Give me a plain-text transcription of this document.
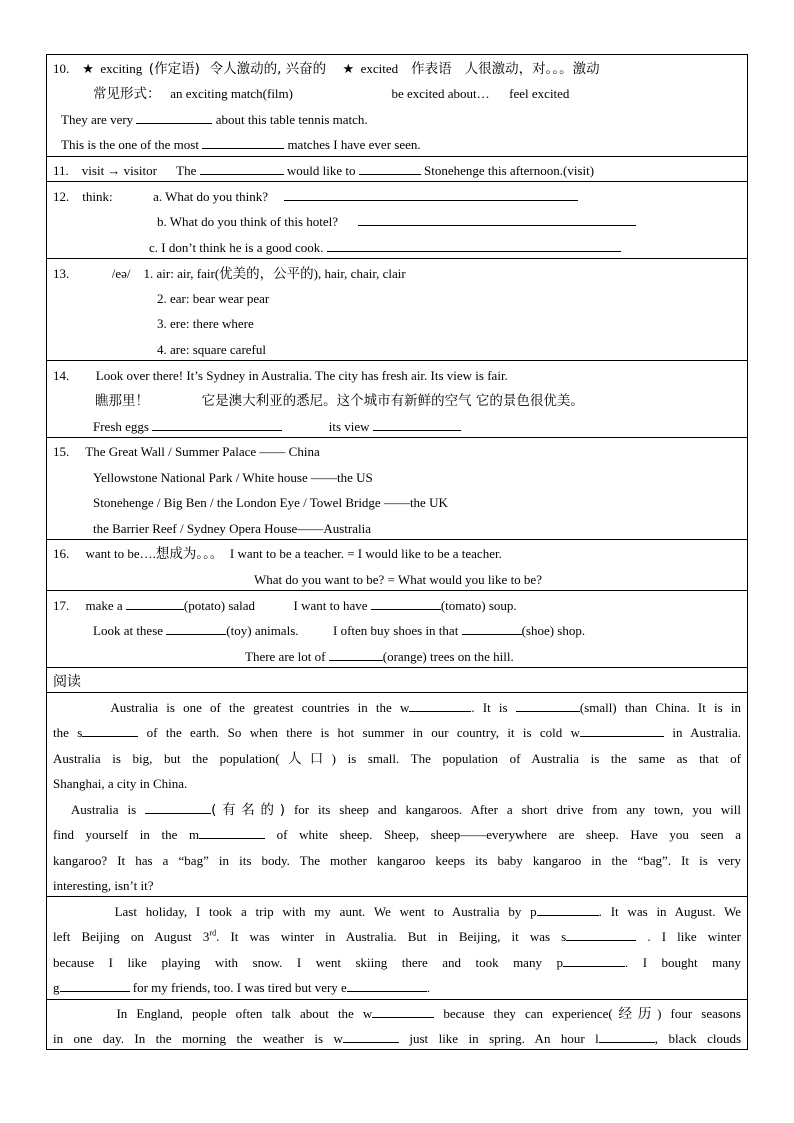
10. ★ exciting (作定语) 令人激动的, 兴奋的 ★ excited 作表语 人很激动，对。。。激动
常见形式： an exciting match(film)	be excited about… feel excited
They are very	about this table tennis match.
This is the one of the most	matches I have ever seen.
11. visit → visitor The	would like to	Stonehenge this afternoon.(visit)
12. think:	a. What do you think?
b. What do you think of this hotel?
c. I don’t think he is a good cook.
13.	/eə/ 1. air: air, fair(优美的，公平的), hair, chair, clair
2. ear: bear wear pear
3. ere: there where
4. are: square careful
14. Look over there! It’s Sydney in Australia. The city has fresh air. Its view is fair.
瞧那里！	它是澳大利亚的悉尼。这个城市有新鲜的空气 它的景色很优美。
Fresh eggs	its view
15. The Great Wall / Summer Palace —— China
Yellowstone National Park / White house ——the US
Stonehenge / Big Ben / the London Eye / Towel Bridge ——the UK
the Barrier Reef / Sydney Opera House——Australia
16. want to be….想成为。。。 I want to be a teacher. = I would like to be a teacher.
What do you want to be? = What would you like to be?
17. make a	(potato) salad	I want to have	(tomato) soup.
Look at these	(toy) animals.	I often buy shoes in that	(shoe) shop.
There are lot of	(orange) trees on the hill.
阅读
Australia is one of the greatest countries in the w	. It is	(small) than China. It is in
the s	of the earth. So when there is hot summer in our country, it is cold w	in Australia.
Australia is big, but the population(人口) is small. The population of Australia is the same as that of
Shanghai, a city in China.
Australia is	(有名的) for its sheep and kangaroos. After a short drive from any town, you will
find yourself in the m	of white sheep. Sheep, sheep——everywhere are sheep. Have you seen a
kangaroo? It has a “bag” in its body. The mother kangaroo keeps its baby kangaroo in the “bag”. It is very
interesting, isn’t it?
Last holiday, I took a trip with my aunt. We went to Australia by p	. It was in August. We
left Beijing on August 3rd. It was winter in Australia. But in Beijing, it was s	. I like winter
because I like playing with snow. I went skiing there and took many p	. I bought many
g	for my friends, too. I was tired but very e	.
In England, people often talk about the w	because they can experience(经历) four seasons
in one day. In the morning the weather is w	just like in spring. An hour l	, black clouds
